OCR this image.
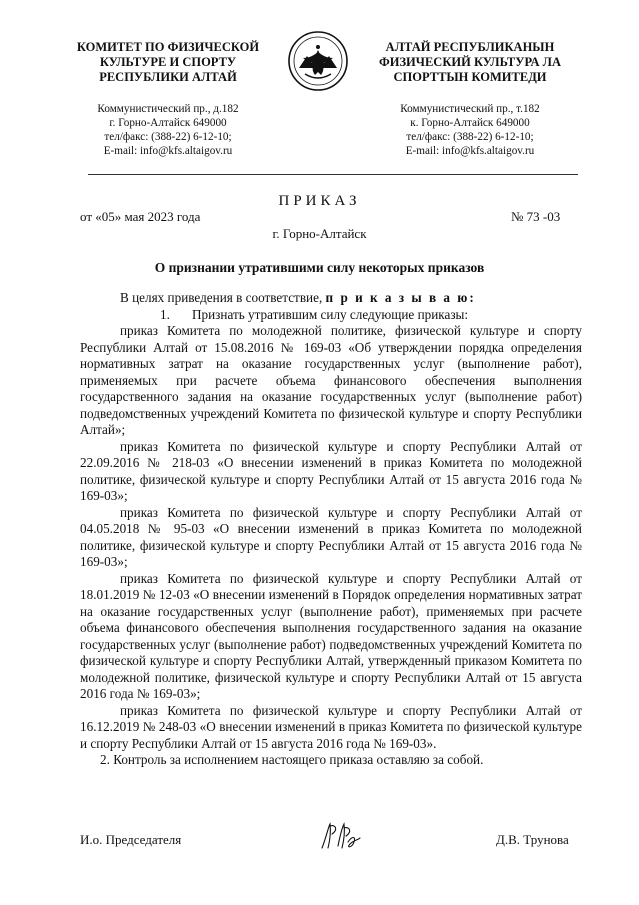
КОМИТЕТ ПО ФИЗИЧЕСКОЙ
КУЛЬТУРЕ И СПОРТУ
РЕСПУБЛИКИ АЛТАЙ
АЛТАЙ РЕСПУБЛИКАНЫН
ФИЗИЧЕСКИЙ КУЛЬТУРА ЛА
СПОРТТЫН КОМИТЕДИ
Коммунистический пр., д.182
г. Горно-Алтайск 649000
тел/факс: (388-22) 6-12-10;
E-mail: info@kfs.altaigov.ru
Коммунистический пр., т.182
к. Горно-Алтайск 649000
тел/факс: (388-22) 6-12-10;
E-mail: info@kfs.altaigov.ru
ПРИКАЗ
от «05» мая 2023 года	№ 73 -03
г. Горно-Алтайск
О признании утратившими силу некоторых приказов

В целях приведения в соответствие, п р и к а з ы в а ю:

1. Признать утратившим силу следующие приказы:

приказ Комитета по молодежной политике, физической культуре и спорту Республики Алтай от 15.08.2016 № 169-03 «Об утверждении порядка определения нормативных затрат на оказание государственных услуг (выполнение работ), применяемых при расчете объема финансового обеспечения выполнения государственного задания на оказание государственных услуг (выполнение работ) подведомственных учреждений Комитета по физической культуре и спорту Республики Алтай»;

приказ Комитета по физической культуре и спорту Республики Алтай от 22.09.2016 № 218-03 «О внесении изменений в приказ Комитета по молодежной политике, физической культуре и спорту Республики Алтай от 15 августа 2016 года № 169-03»;

приказ Комитета по физической культуре и спорту Республики Алтай от 04.05.2018 № 95-03 «О внесении изменений в приказ Комитета по молодежной политике, физической культуре и спорту Республики Алтай от 15 августа 2016 года № 169-03»;

приказ Комитета по физической культуре и спорту Республики Алтай от 18.01.2019 № 12-03 «О внесении изменений в Порядок определения нормативных затрат на оказание государственных услуг (выполнение работ), применяемых при расчете объема финансового обеспечения выполнения государственного задания на оказание государственных услуг (выполнение работ) подведомственных учреждений Комитета по физической культуре и спорту Республики Алтай, утвержденный приказом Комитета по молодежной политике, физической культуре и спорту Республики Алтай от 15 августа 2016 года № 169-03»;

приказ Комитета по физической культуре и спорту Республики Алтай от 16.12.2019 № 248-03 «О внесении изменений в приказ Комитета по физической культуре и спорту Республики Алтай от 15 августа 2016 года № 169-03».

2. Контроль за исполнением настоящего приказа оставляю за собой.

И.о. Председателя	Д.В. Трунова
